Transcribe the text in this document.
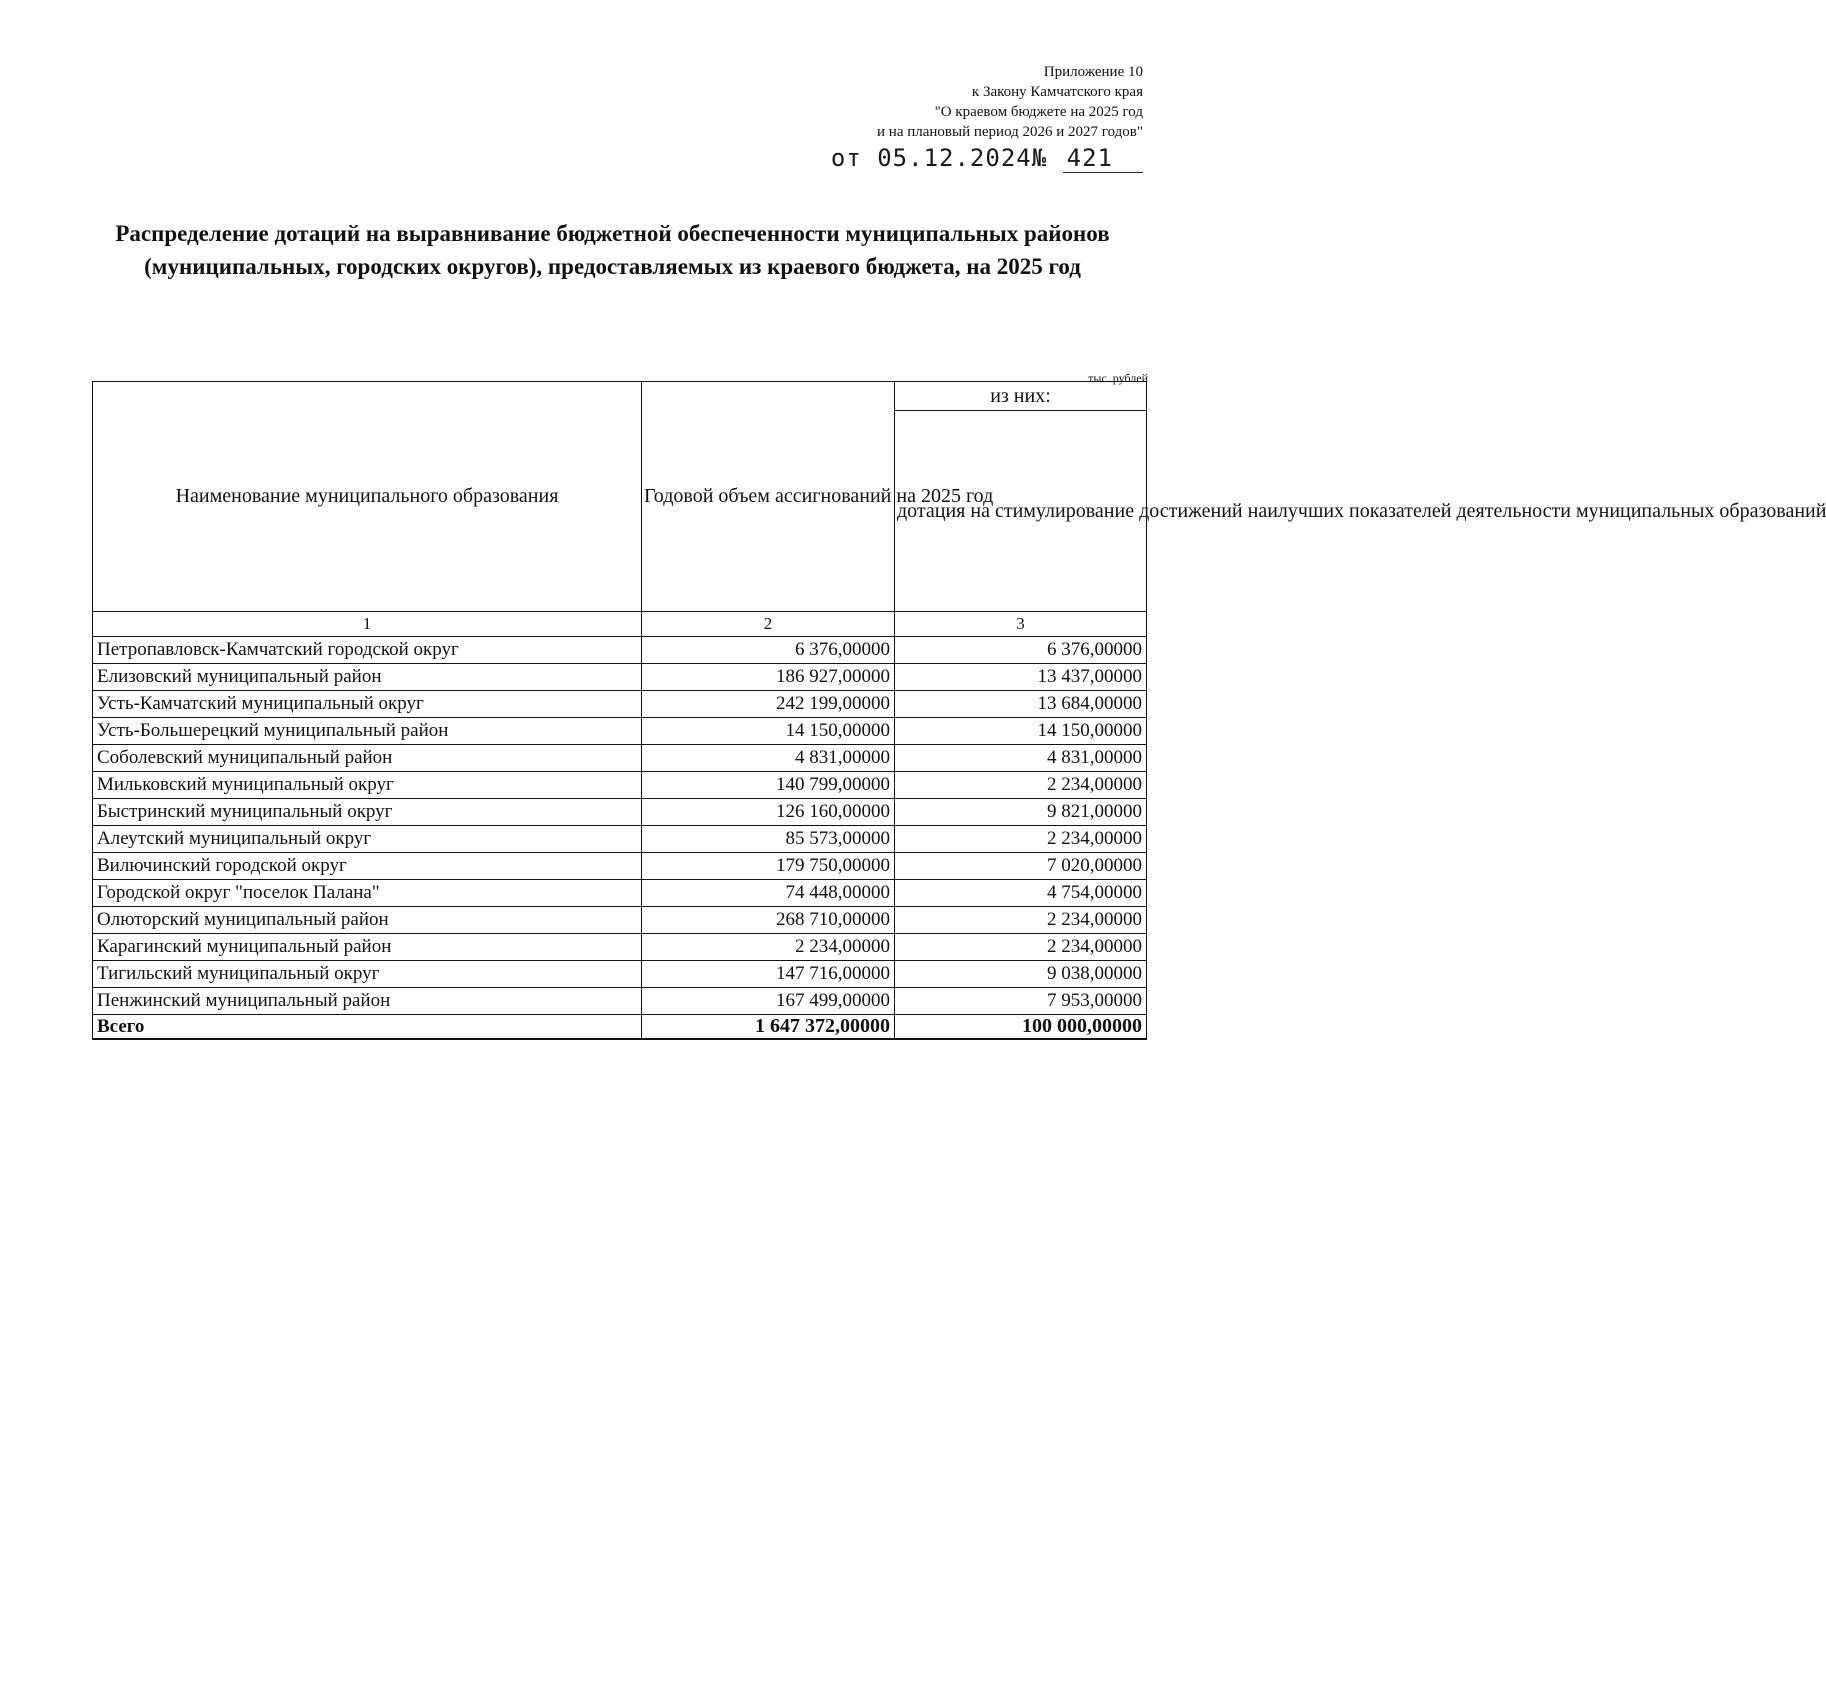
Приложение 10
к Закону Камчатского края
"О краевом бюджете на 2025 год
и на плановый период 2026 и 2027 годов"
от 05.12.2024№ 421
Распределение дотаций на выравнивание бюджетной обеспеченности муниципальных районов (муниципальных, городских округов), предоставляемых из краевого бюджета, на 2025 год
тыс. рублей
Наименование муниципального образования	Годовой объем ассигнований на 2025 год	из них:
		дотация на стимулирование достижений наилучших показателей деятельности муниципальных образований
1	2	3
Петропавловск-Камчатский городской округ	6 376,00000	6 376,00000
Елизовский муниципальный район	186 927,00000	13 437,00000
Усть-Камчатский муниципальный округ	242 199,00000	13 684,00000
Усть-Большерецкий муниципальный район	14 150,00000	14 150,00000
Соболевский муниципальный район	4 831,00000	4 831,00000
Мильковский муниципальный округ	140 799,00000	2 234,00000
Быстринский муниципальный округ	126 160,00000	9 821,00000
Алеутский муниципальный округ	85 573,00000	2 234,00000
Вилючинский городской округ	179 750,00000	7 020,00000
Городской округ "поселок Палана"	74 448,00000	4 754,00000
Олюторский муниципальный район	268 710,00000	2 234,00000
Карагинский муниципальный район	2 234,00000	2 234,00000
Тигильский муниципальный округ	147 716,00000	9 038,00000
Пенжинский муниципальный район	167 499,00000	7 953,00000
Всего	1 647 372,00000	100 000,00000
